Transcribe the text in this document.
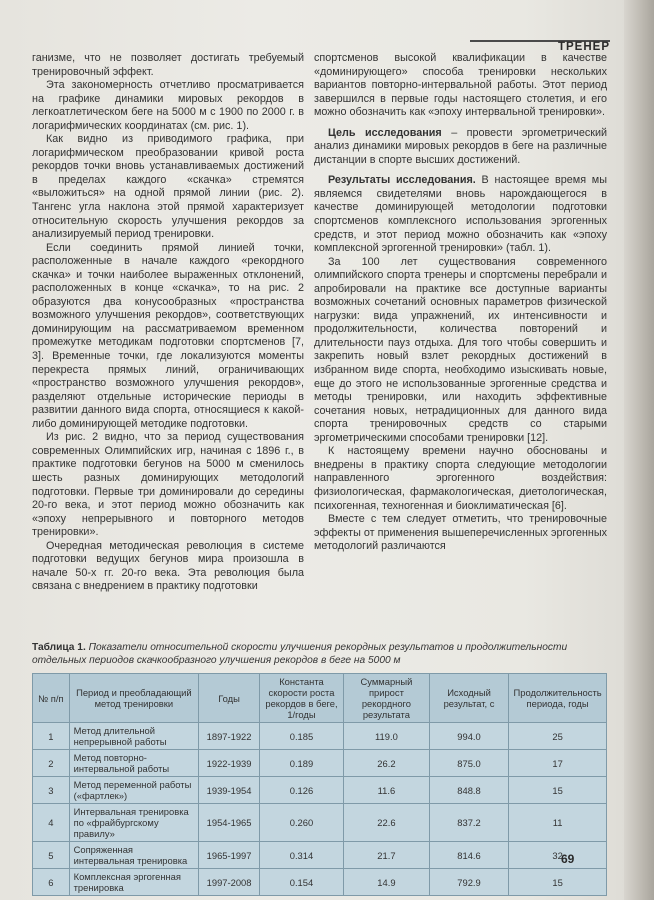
ТРЕНЕР

ганизме, что не позволяет достигать требуемый тренировочный эффект.

Эта закономерность отчетливо просматривается на графике динамики мировых рекордов в легкоатлетическом беге на 5000 м с 1900 по 2000 г. в логарифмических координатах (см. рис. 1).

Как видно из приводимого графика, при логарифмическом преобразовании кривой роста рекордов точки вновь устанавливаемых достижений в пределах каждого «скачка» стремятся «выложиться» на одной прямой линии (рис. 2). Тангенс угла наклона этой прямой характеризует относительную скорость улучшения рекордов за анализируемый период тренировки.

Если соединить прямой линией точки, расположенные в начале каждого «рекордного скачка» и точки наиболее выраженных отклонений, расположенных в конце «скачка», то на рис. 2 образуются два конусообразных «пространства возможного улучшения рекордов», соответствующих доминирующим на рассматриваемом временном промежутке методикам подготовки спортсменов [7, 3]. Временные точки, где локализуются моменты перекреста прямых линий, ограничивающих «пространство возможного улучшения рекордов», разделяют отдельные исторические периоды в развитии данного вида спорта, относящиеся к какой-либо доминирующей методике подготовки.

Из рис. 2 видно, что за период существования современных Олимпийских игр, начиная с 1896 г., в практике подготовки бегунов на 5000 м сменилось шесть разных доминирующих методологий подготовки. Первые три доминировали до середины 20-го века, и этот период можно обозначить как «эпоху непрерывного и повторного методов тренировки».

Очередная методическая революция в системе подготовки ведущих бегунов мира произошла в начале 50-х гг. 20-го века. Эта революция была связана с внедрением в практику подготовки

спортсменов высокой квалификации в качестве «доминирующего» способа тренировки нескольких вариантов повторно-интервальной работы. Этот период завершился в первые годы настоящего столетия, и его можно обозначить как «эпоху интервальной тренировки».

Цель исследования – провести эргометрический анализ динамики мировых рекордов в беге на различные дистанции в спорте высших достижений.

Результаты исследования. В настоящее время мы являемся свидетелями вновь нарождающегося в качестве доминирующей методологии подготовки спортсменов комплексного использования эргогенных средств, и этот период можно обозначить как «эпоху комплексной эргогенной тренировки» (табл. 1).

За 100 лет существования современного олимпийского спорта тренеры и спортсмены перебрали и апробировали на практике все доступные варианты возможных сочетаний основных параметров физической нагрузки: вида упражнений, их интенсивности и продолжительности, количества повторений и длительности пауз отдыха. Для того чтобы совершить и закрепить новый взлет рекордных достижений в избранном виде спорта, необходимо изыскивать новые, еще до этого не использованные эргогенные средства и методы тренировки, или находить эффективные сочетания новых, нетрадиционных для данного вида спорта тренировочных средств со старыми эргометрическими способами тренировки [12].

К настоящему времени научно обоснованы и внедрены в практику спорта следующие методологии направленного эргогенного воздействия: физиологическая, фармакологическая, диетологическая, психогенная, техногенная и биоклиматическая [6].

Вместе с тем следует отметить, что тренировочные эффекты от применения вышеперечисленных эргогенных методологий различаются

Таблица 1. Показатели относительной скорости улучшения рекордных результатов и продолжительности отдельных периодов скачкообразного улучшения рекордов в беге на 5000 м
№ п/п	Период и преобладающий метод тренировки	Годы	Константа скорости роста рекордов в беге, 1/годы	Суммарный прирост рекордного результата	Исходный результат, с	Продолжительность периода, годы
1	Метод длительной непрерывной работы	1897-1922	0.185	119.0	994.0	25
2	Метод повторно-интервальной работы	1922-1939	0.189	26.2	875.0	17
3	Метод переменной работы («фартлек»)	1939-1954	0.126	11.6	848.8	15
4	Интервальная тренировка по «фрайбургскому правилу»	1954-1965	0.260	22.6	837.2	11
5	Сопряженная интервальная тренировка	1965-1997	0.314	21.7	814.6	32
6	Комплексная эргогенная тренировка	1997-2008	0.154	14.9	792.9	15
69
